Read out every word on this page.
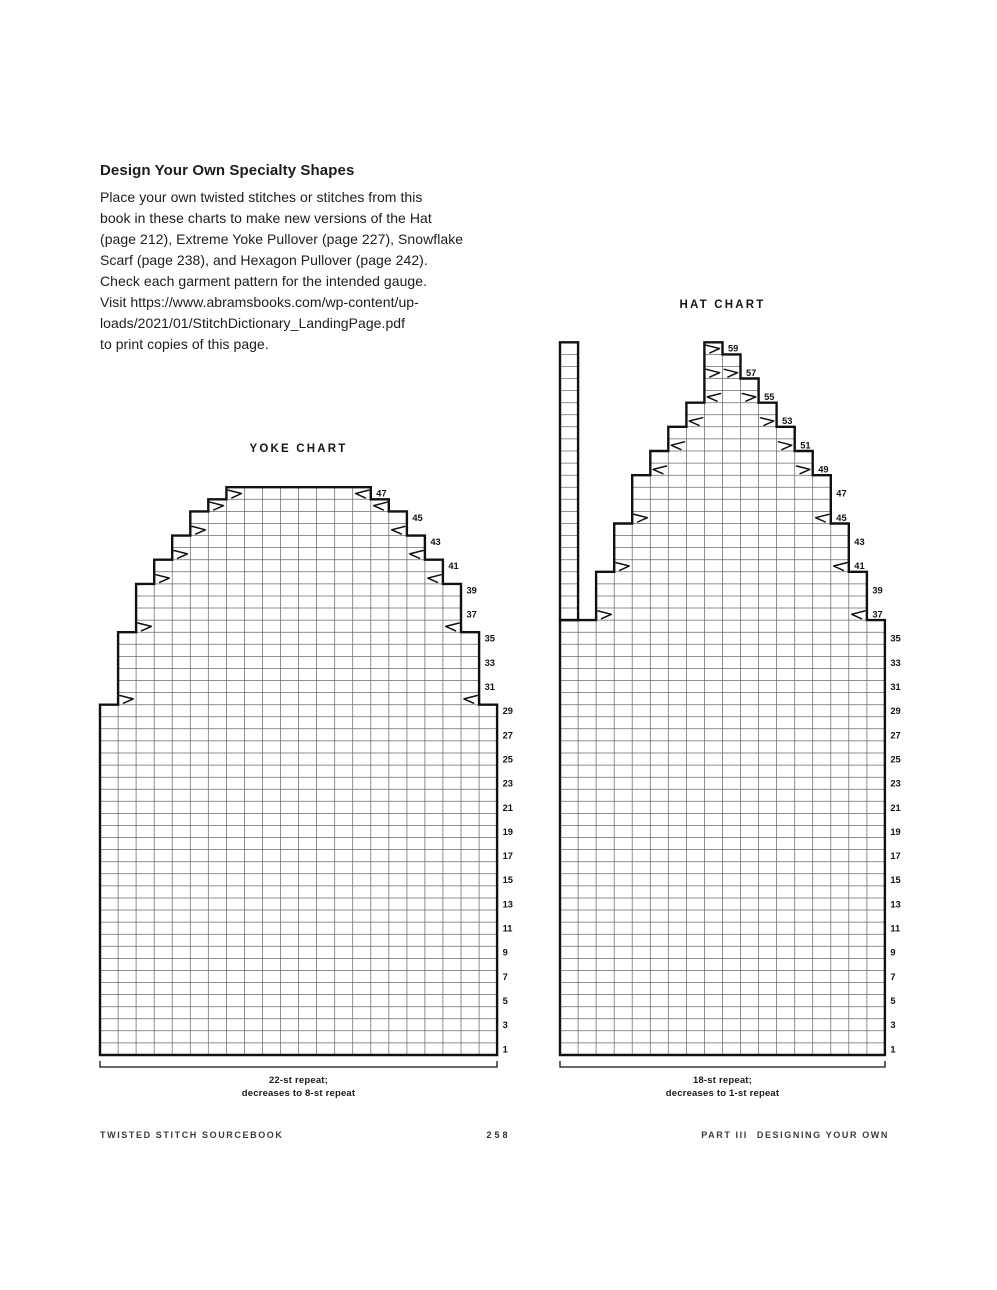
Design Your Own Specialty Shapes
Place your own twisted stitches or stitches from this
book in these charts to make new versions of the Hat
(page 212), Extreme Yoke Pullover (page 227), Snowflake
Scarf (page 238), and Hexagon Pullover (page 242).
Check each garment pattern for the intended gauge.
Visit https://www.abramsbooks.com/wp-content/up-
loads/2021/01/StitchDictionary_LandingPage.pdf
to print copies of this page.
YOKE CHART
HAT CHART
47
45
43
41
39
37
35
33
31
29
27
25
23
21
19
17
15
13
11
9
7
5
3
1
59
57
55
53
51
49
47
45
43
41
39
37
35
33
31
29
27
25
23
21
19
17
15
13
11
9
7
5
3
1
22-st repeat;
decreases to 8-st repeat
18-st repeat;
decreases to 1-st repeat
TWISTED STITCH SOURCEBOOK	258	PART III DESIGNING YOUR OWN
